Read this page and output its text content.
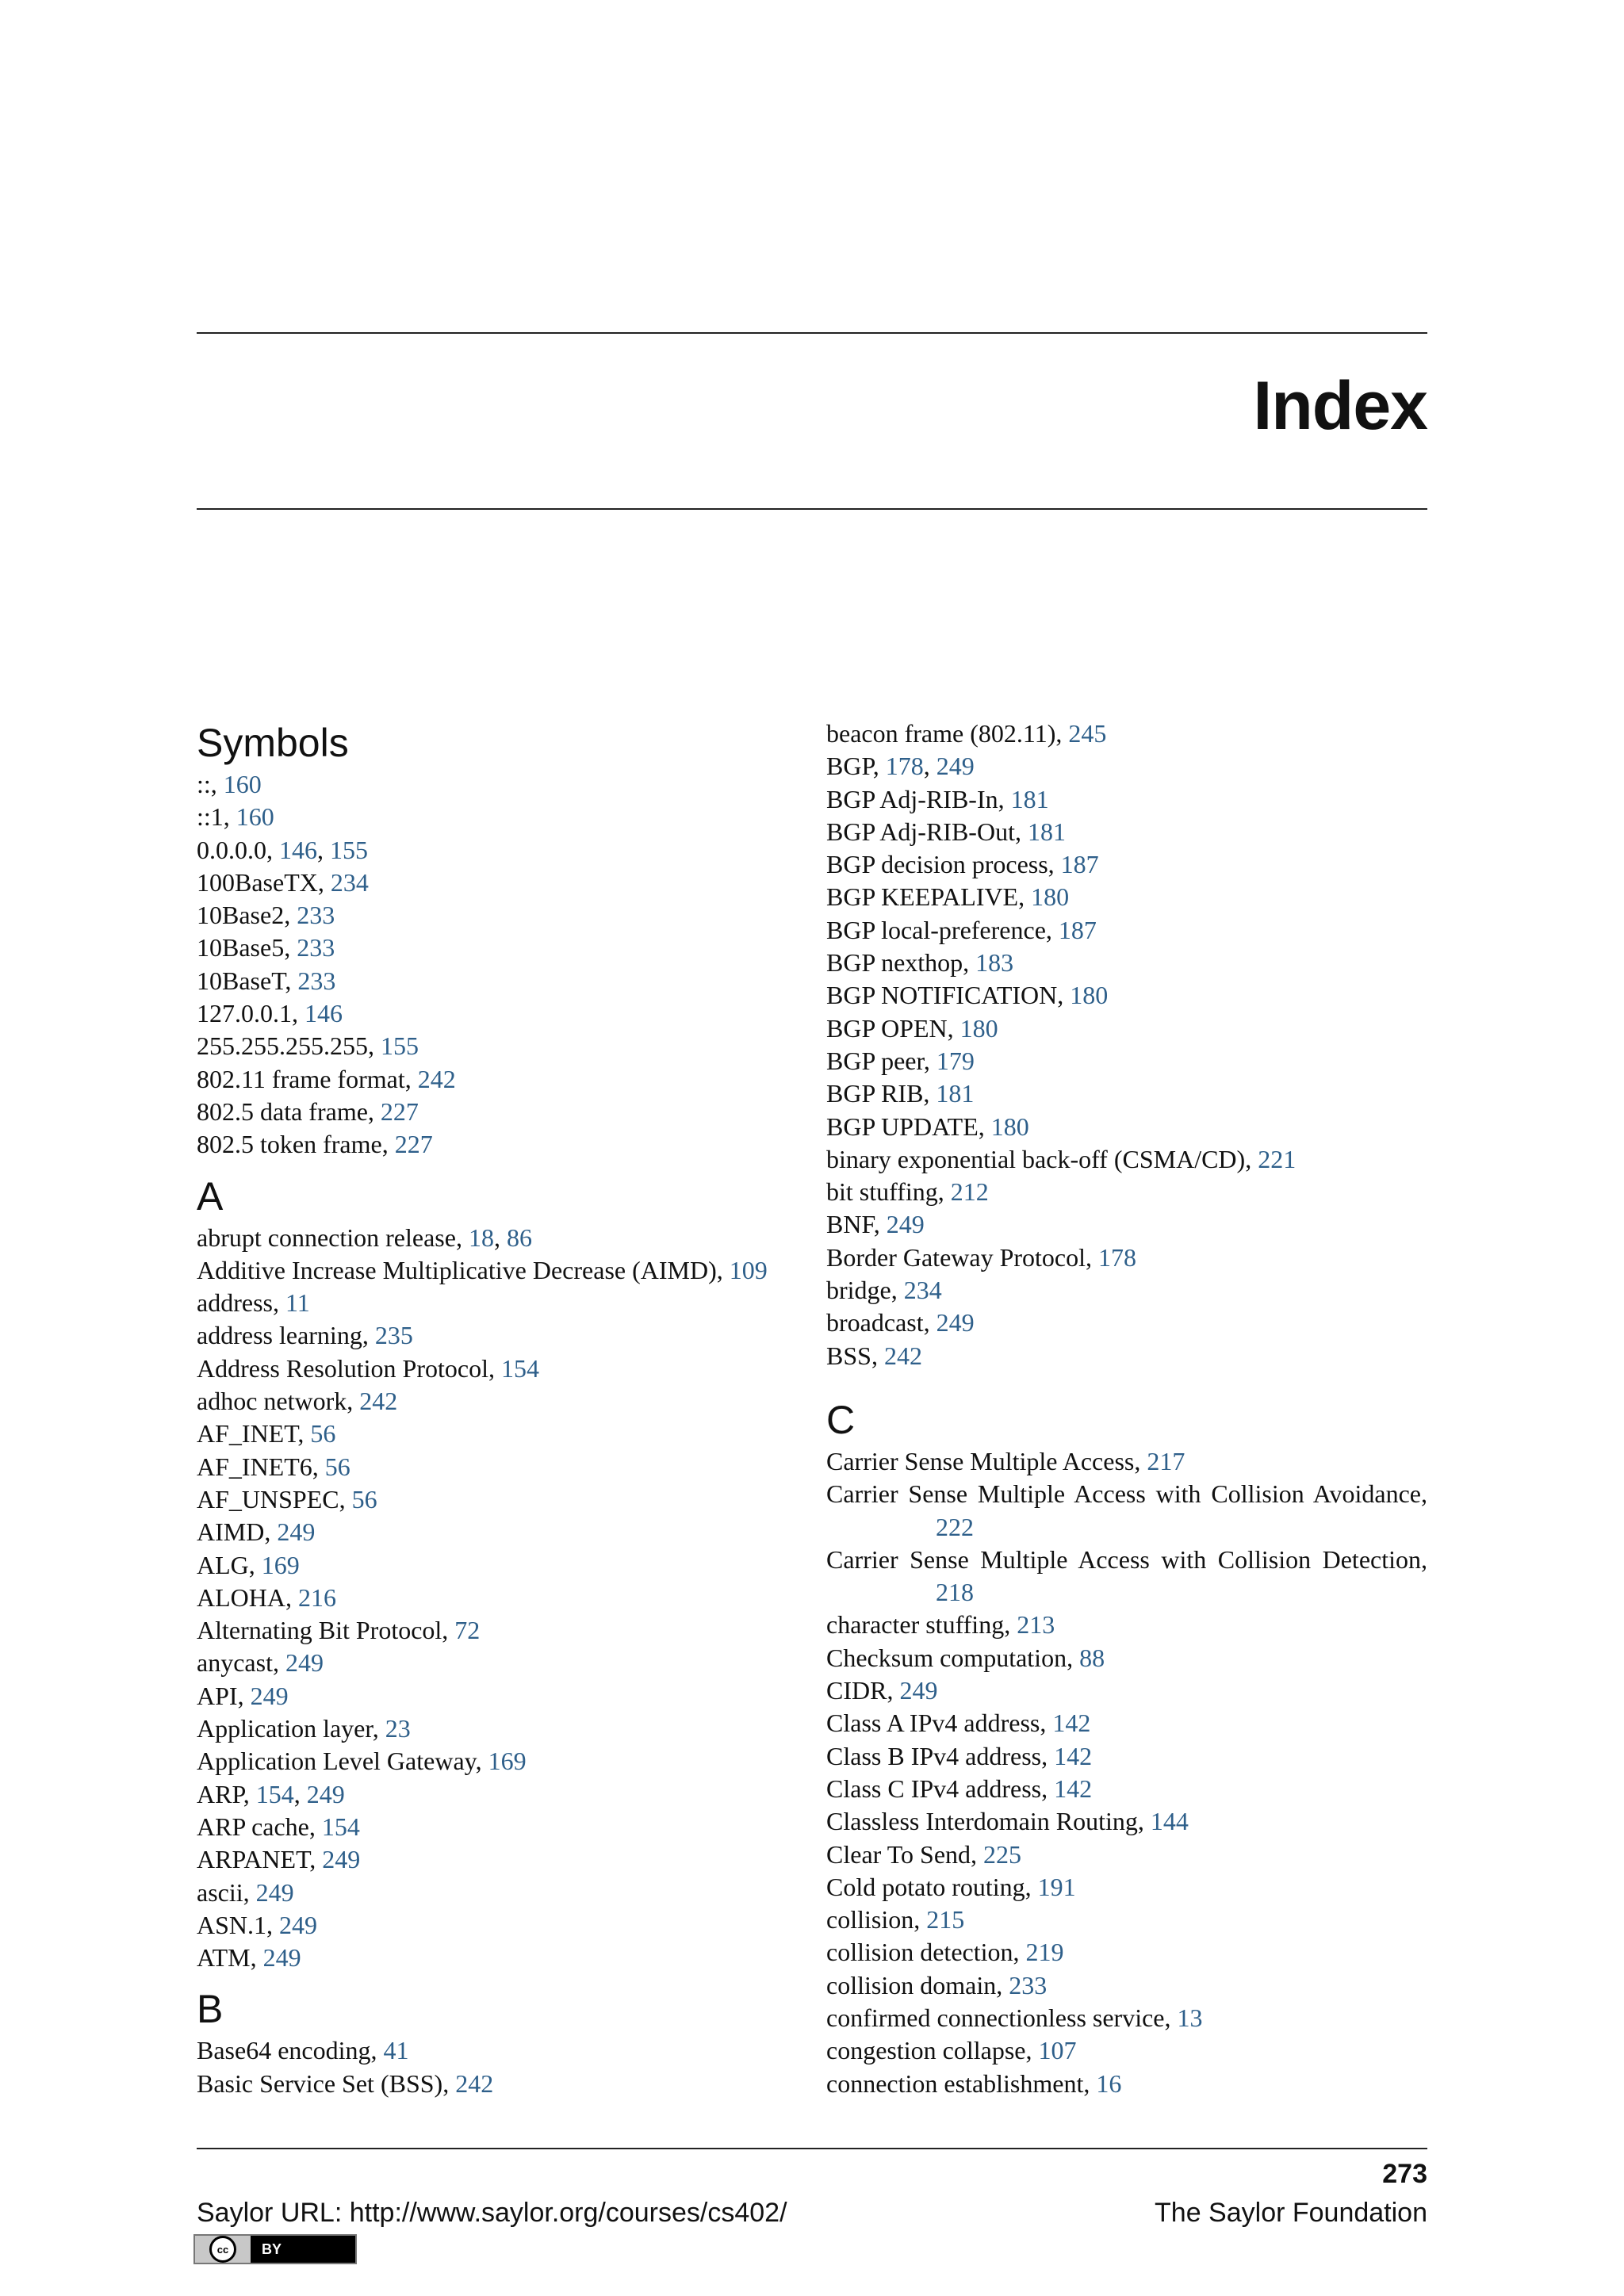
Index
Symbols
::, 160
::1, 160
0.0.0.0, 146, 155
100BaseTX, 234
10Base2, 233
10Base5, 233
10BaseT, 233
127.0.0.1, 146
255.255.255.255, 155
802.11 frame format, 242
802.5 data frame, 227
802.5 token frame, 227
A
abrupt connection release, 18, 86
Additive Increase Multiplicative Decrease (AIMD), 109
address, 11
address learning, 235
Address Resolution Protocol, 154
adhoc network, 242
AF_INET, 56
AF_INET6, 56
AF_UNSPEC, 56
AIMD, 249
ALG, 169
ALOHA, 216
Alternating Bit Protocol, 72
anycast, 249
API, 249
Application layer, 23
Application Level Gateway, 169
ARP, 154, 249
ARP cache, 154
ARPANET, 249
ascii, 249
ASN.1, 249
ATM, 249
B
Base64 encoding, 41
Basic Service Set (BSS), 242
beacon frame (802.11), 245
BGP, 178, 249
BGP Adj-RIB-In, 181
BGP Adj-RIB-Out, 181
BGP decision process, 187
BGP KEEPALIVE, 180
BGP local-preference, 187
BGP nexthop, 183
BGP NOTIFICATION, 180
BGP OPEN, 180
BGP peer, 179
BGP RIB, 181
BGP UPDATE, 180
binary exponential back-off (CSMA/CD), 221
bit stuffing, 212
BNF, 249
Border Gateway Protocol, 178
bridge, 234
broadcast, 249
BSS, 242
C
Carrier Sense Multiple Access, 217
Carrier Sense Multiple Access with Collision Avoidance, 222
Carrier Sense Multiple Access with Collision Detection, 218
character stuffing, 213
Checksum computation, 88
CIDR, 249
Class A IPv4 address, 142
Class B IPv4 address, 142
Class C IPv4 address, 142
Classless Interdomain Routing, 144
Clear To Send, 225
Cold potato routing, 191
collision, 215
collision detection, 219
collision domain, 233
confirmed connectionless service, 13
congestion collapse, 107
connection establishment, 16
273
Saylor URL: http://www.saylor.org/courses/cs402/	The Saylor Foundation
cc	BY
